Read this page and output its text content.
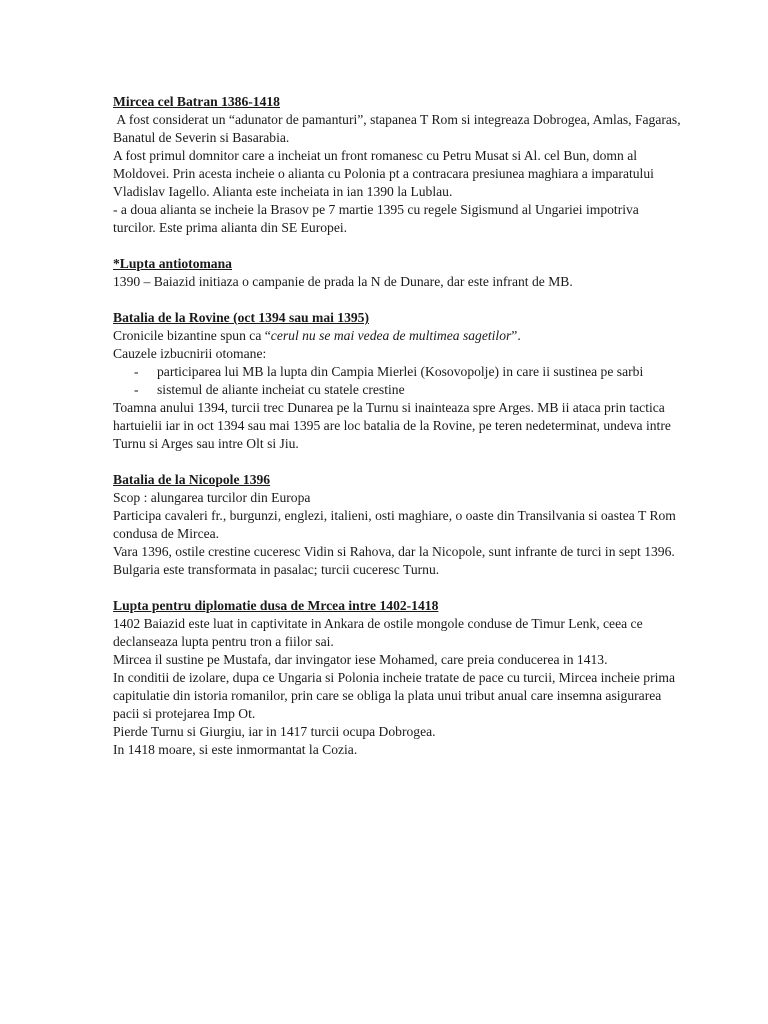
Mircea cel Batran 1386-1418

A fost considerat un “adunator de pamanturi”, stapanea T Rom si integreaza Dobrogea, Amlas, Fagaras, Banatul de Severin si Basarabia.

A fost primul domnitor care a incheiat un front romanesc cu Petru Musat si Al. cel Bun, domn al Moldovei. Prin acesta incheie o alianta cu Polonia pt a contracara presiunea maghiara a imparatului Vladislav Iagello. Alianta este incheiata in ian 1390 la Lublau.

- a doua alianta se incheie la Brasov pe 7 martie 1395 cu regele Sigismund al Ungariei impotriva turcilor. Este prima alianta din SE Europei.

*Lupta antiotomana

1390 – Baiazid initiaza o campanie de prada la N de Dunare, dar este infrant de MB.

Batalia de la Rovine (oct 1394 sau mai 1395)

Cronicile bizantine spun ca “cerul nu se mai vedea de multimea sagetilor”.

Cauzele izbucnirii otomane:

- participarea lui MB la lupta din Campia Mierlei (Kosovopolje) in care ii sustinea pe sarbi
- sistemul de aliante incheiat cu statele crestine

Toamna anului 1394, turcii trec Dunarea pe la Turnu si inainteaza spre Arges. MB ii ataca prin tactica hartuielii iar in oct 1394 sau mai 1395 are loc batalia de la Rovine, pe teren nedeterminat, undeva intre Turnu si Arges sau intre Olt si Jiu.

Batalia de la Nicopole 1396

Scop : alungarea turcilor din Europa

Participa cavaleri fr., burgunzi, englezi, italieni, osti maghiare, o oaste din Transilvania si oastea T Rom condusa de Mircea.

Vara 1396, ostile crestine cuceresc Vidin si Rahova, dar la Nicopole, sunt infrante de turci in sept 1396. Bulgaria este transformata in pasalac; turcii cuceresc Turnu.

Lupta pentru diplomatie dusa de Mrcea intre 1402-1418

1402 Baiazid este luat in captivitate in Ankara de ostile mongole conduse de Timur Lenk, ceea ce declanseaza lupta pentru tron a fiilor sai.

Mircea il sustine pe Mustafa, dar invingator iese Mohamed, care preia conducerea in 1413.

In conditii de izolare, dupa ce Ungaria si Polonia incheie tratate de pace cu turcii, Mircea incheie prima capitulatie din istoria romanilor, prin care se obliga la plata unui tribut anual care insemna asigurarea pacii si protejarea Imp Ot.

Pierde Turnu si Giurgiu, iar in 1417 turcii ocupa Dobrogea.

In 1418 moare, si este inmormantat la Cozia.
